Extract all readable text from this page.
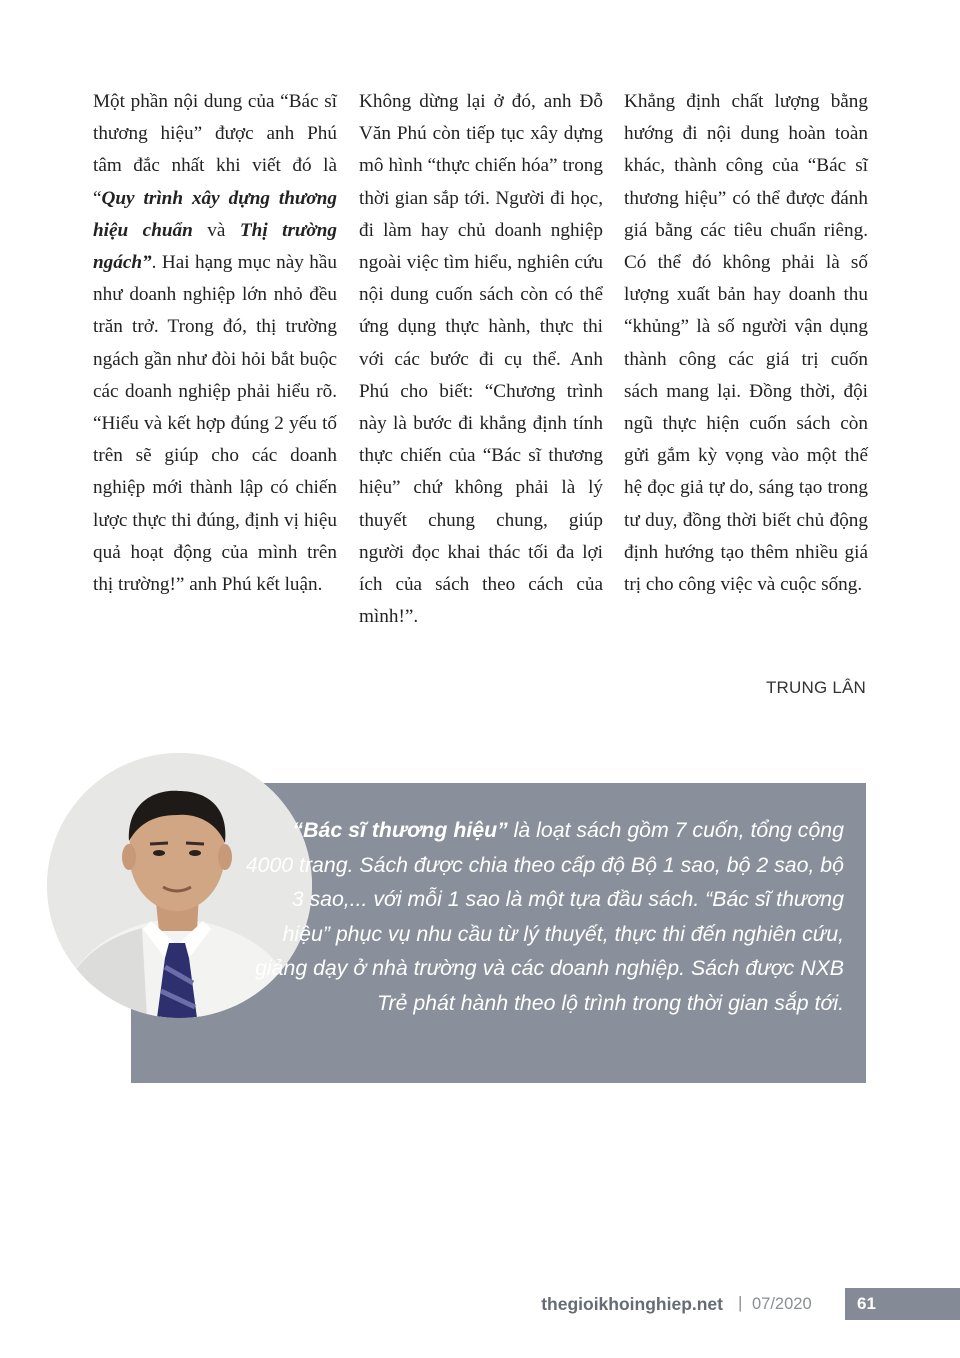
Một phần nội dung của “Bác sĩ thương hiệu” được anh Phú tâm đắc nhất khi viết đó là “Quy trình xây dựng thương hiệu chuẩn và Thị trường ngách”. Hai hạng mục này hầu như doanh nghiệp lớn nhỏ đều trăn trở. Trong đó, thị trường ngách gần như đòi hỏi bắt buộc các doanh nghiệp phải hiểu rõ. “Hiểu và kết hợp đúng 2 yếu tố trên sẽ giúp cho các doanh nghiệp mới thành lập có chiến lược thực thi đúng, định vị hiệu quả hoạt động của mình trên thị trường!” anh Phú kết luận.

Không dừng lại ở đó, anh Đỗ Văn Phú còn tiếp tục xây dựng mô hình “thực chiến hóa” trong thời gian sắp tới. Người đi học, đi làm hay chủ doanh nghiệp ngoài việc tìm hiểu, nghiên cứu nội dung cuốn sách còn có thể ứng dụng thực hành, thực thi với các bước đi cụ thể. Anh Phú cho biết: “Chương trình này là bước đi khẳng định tính thực chiến của “Bác sĩ thương hiệu” chứ không phải là lý thuyết chung chung, giúp người đọc khai thác tối đa lợi ích của sách theo cách của mình!”.

Khẳng định chất lượng bằng hướng đi nội dung hoàn toàn khác, thành công của “Bác sĩ thương hiệu” có thể được đánh giá bằng các tiêu chuẩn riêng. Có thể đó không phải là số lượng xuất bản hay doanh thu “khủng” là số người vận dụng thành công các giá trị cuốn sách mang lại. Đồng thời, đội ngũ thực hiện cuốn sách còn gửi gắm kỳ vọng vào một thế hệ đọc giả tự do, sáng tạo trong tư duy, đồng thời biết chủ động định hướng tạo thêm nhiều giá trị cho công việc và cuộc sống.

TRUNG LÂN

“Bác sĩ thương hiệu” là loạt sách gồm 7 cuốn, tổng cộng 4000 trang. Sách được chia theo cấp độ Bộ 1 sao, bộ 2 sao, bộ 3 sao,... với mỗi 1 sao là một tựa đầu sách. “Bác sĩ thương hiệu” phục vụ nhu cầu từ lý thuyết, thực thi đến nghiên cứu, giảng dạy ở nhà trường và các doanh nghiệp. Sách được NXB Trẻ phát hành theo lộ trình trong thời gian sắp tới.

thegioikhoinghiep.net | 07/2020	61
